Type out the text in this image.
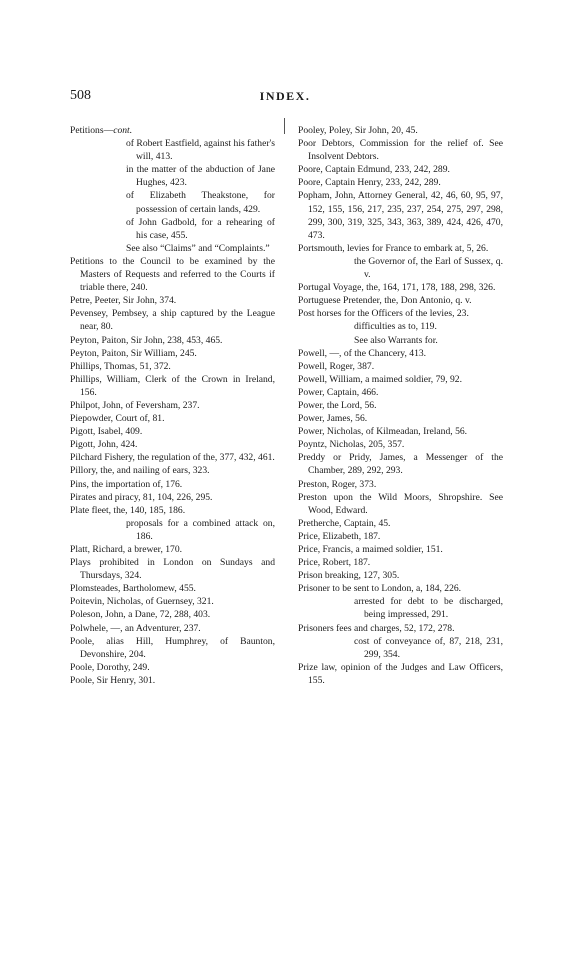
508	INDEX.
Petitions—cont.
of Robert Eastfield, against his father's will, 413.
in the matter of the abduction of Jane Hughes, 423.
of Elizabeth Theakstone, for possession of certain lands, 429.
of John Gadbold, for a rehearing of his case, 455.
See also “Claims” and “Complaints.”
Petitions to the Council to be examined by the Masters of Requests and referred to the Courts if triable there, 240.
Petre, Peeter, Sir John, 374.
Pevensey, Pembsey, a ship captured by the League near, 80.
Peyton, Paiton, Sir John, 238, 453, 465.
Peyton, Paiton, Sir William, 245.
Phillips, Thomas, 51, 372.
Phillips, William, Clerk of the Crown in Ireland, 156.
Philpot, John, of Feversham, 237.
Piepowder, Court of, 81.
Pigott, Isabel, 409.
Pigott, John, 424.
Pilchard Fishery, the regulation of the, 377, 432, 461.
Pillory, the, and nailing of ears, 323.
Pins, the importation of, 176.
Pirates and piracy, 81, 104, 226, 295.
Plate fleet, the, 140, 185, 186.
proposals for a combined attack on, 186.
Platt, Richard, a brewer, 170.
Plays prohibited in London on Sundays and Thursdays, 324.
Plomsteades, Bartholomew, 455.
Poitevin, Nicholas, of Guernsey, 321.
Poleson, John, a Dane, 72, 288, 403.
Polwhele, —, an Adventurer, 237.
Poole, alias Hill, Humphrey, of Baunton, Devonshire, 204.
Poole, Dorothy, 249.
Poole, Sir Henry, 301.
Pooley, Poley, Sir John, 20, 45.
Poor Debtors, Commission for the relief of. See Insolvent Debtors.
Poore, Captain Edmund, 233, 242, 289.
Poore, Captain Henry, 233, 242, 289.
Popham, John, Attorney General, 42, 46, 60, 95, 97, 152, 155, 156, 217, 235, 237, 254, 275, 297, 298, 299, 300, 319, 325, 343, 363, 389, 424, 426, 470, 473.
Portsmouth, levies for France to embark at, 5, 26.
the Governor of, the Earl of Sussex, q. v.
Portugal Voyage, the, 164, 171, 178, 188, 298, 326.
Portuguese Pretender, the, Don Antonio, q. v.
Post horses for the Officers of the levies, 23.
difficulties as to, 119.
See also Warrants for.
Powell, —, of the Chancery, 413.
Powell, Roger, 387.
Powell, William, a maimed soldier, 79, 92.
Power, Captain, 466.
Power, the Lord, 56.
Power, James, 56.
Power, Nicholas, of Kilmeadan, Ireland, 56.
Poyntz, Nicholas, 205, 357.
Preddy or Pridy, James, a Messenger of the Chamber, 289, 292, 293.
Preston, Roger, 373.
Preston upon the Wild Moors, Shropshire. See Wood, Edward.
Pretherche, Captain, 45.
Price, Elizabeth, 187.
Price, Francis, a maimed soldier, 151.
Price, Robert, 187.
Prison breaking, 127, 305.
Prisoner to be sent to London, a, 184, 226.
arrested for debt to be discharged, being impressed, 291.
Prisoners fees and charges, 52, 172, 278.
cost of conveyance of, 87, 218, 231, 299, 354.
Prize law, opinion of the Judges and Law Officers, 155.
